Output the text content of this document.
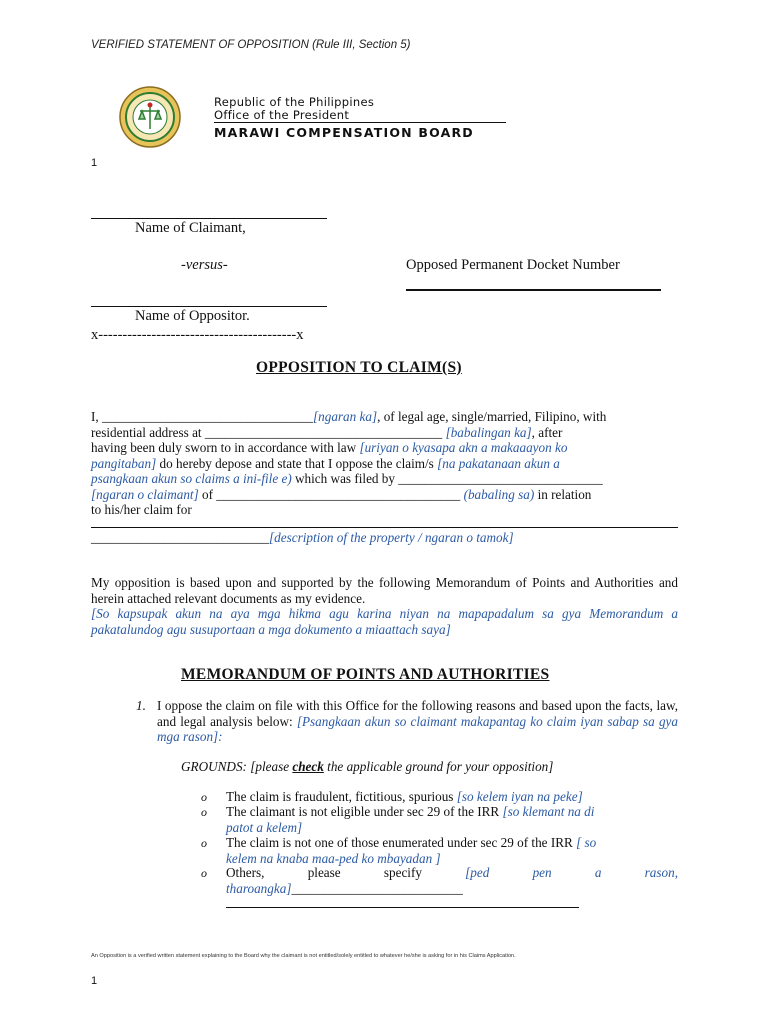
VERIFIED STATEMENT OF OPPOSITION (Rule III, Section 5)
Republic of the Philippines
Office of the President
MARAWI COMPENSATION BOARD
1
Name of Claimant,
-versus-	Opposed Permanent Docket Number
Name of Oppositor.
x-----------------------------------------x
OPPOSITION TO CLAIM(S)
I, ________________________________[ngaran ka], of legal age, single/married, Filipino, with
residential address at ____________________________________ [babalingan ka], after
having been duly sworn to in accordance with law [uriyan o kyasapa akn a makaaayon ko
pangitaban] do hereby depose and state that I oppose the claim/s [na pakatanaan akun a
psangkaan akun so claims a ini-file e) which was filed by _______________________________
[ngaran o claimant] of _____________________________________ (babaling sa) in relation
to his/her claim for
___________________________[description of the property / ngaran o tamok]
My opposition is based upon and supported by the following Memorandum of Points and Authorities and herein attached relevant documents as my evidence.
[So kapsupak akun na aya mga hikma agu karina niyan na mapapadalum sa gya Memorandum a pakatalundog agu susuportaan a mga dokumento a miaattach saya]
MEMORANDUM OF POINTS AND AUTHORITIES
1. I oppose the claim on file with this Office for the following reasons and based upon the facts, law, and legal analysis below: [Psangkaan akun so claimant makapantag ko claim iyan sabap sa gya mga rason]:
GROUNDS: [please check the applicable ground for your opposition]
o The claim is fraudulent, fictitious, spurious [so kelem iyan na peke]
o The claimant is not eligible under sec 29 of the IRR [so klemant na di
patot a kelem]
o The claim is not one of those enumerated under sec 29 of the IRR [ so
kelem na knaba maa-ped ko mbayadan ]
o Others,	please	specify	[ped	pen	a	rason,
tharoangka]__________________________
An Opposition is a verified written statement explaining to the Board why the claimant is not entitled/solely entitled to whatever he/she is asking for in his Claims Application.
1
